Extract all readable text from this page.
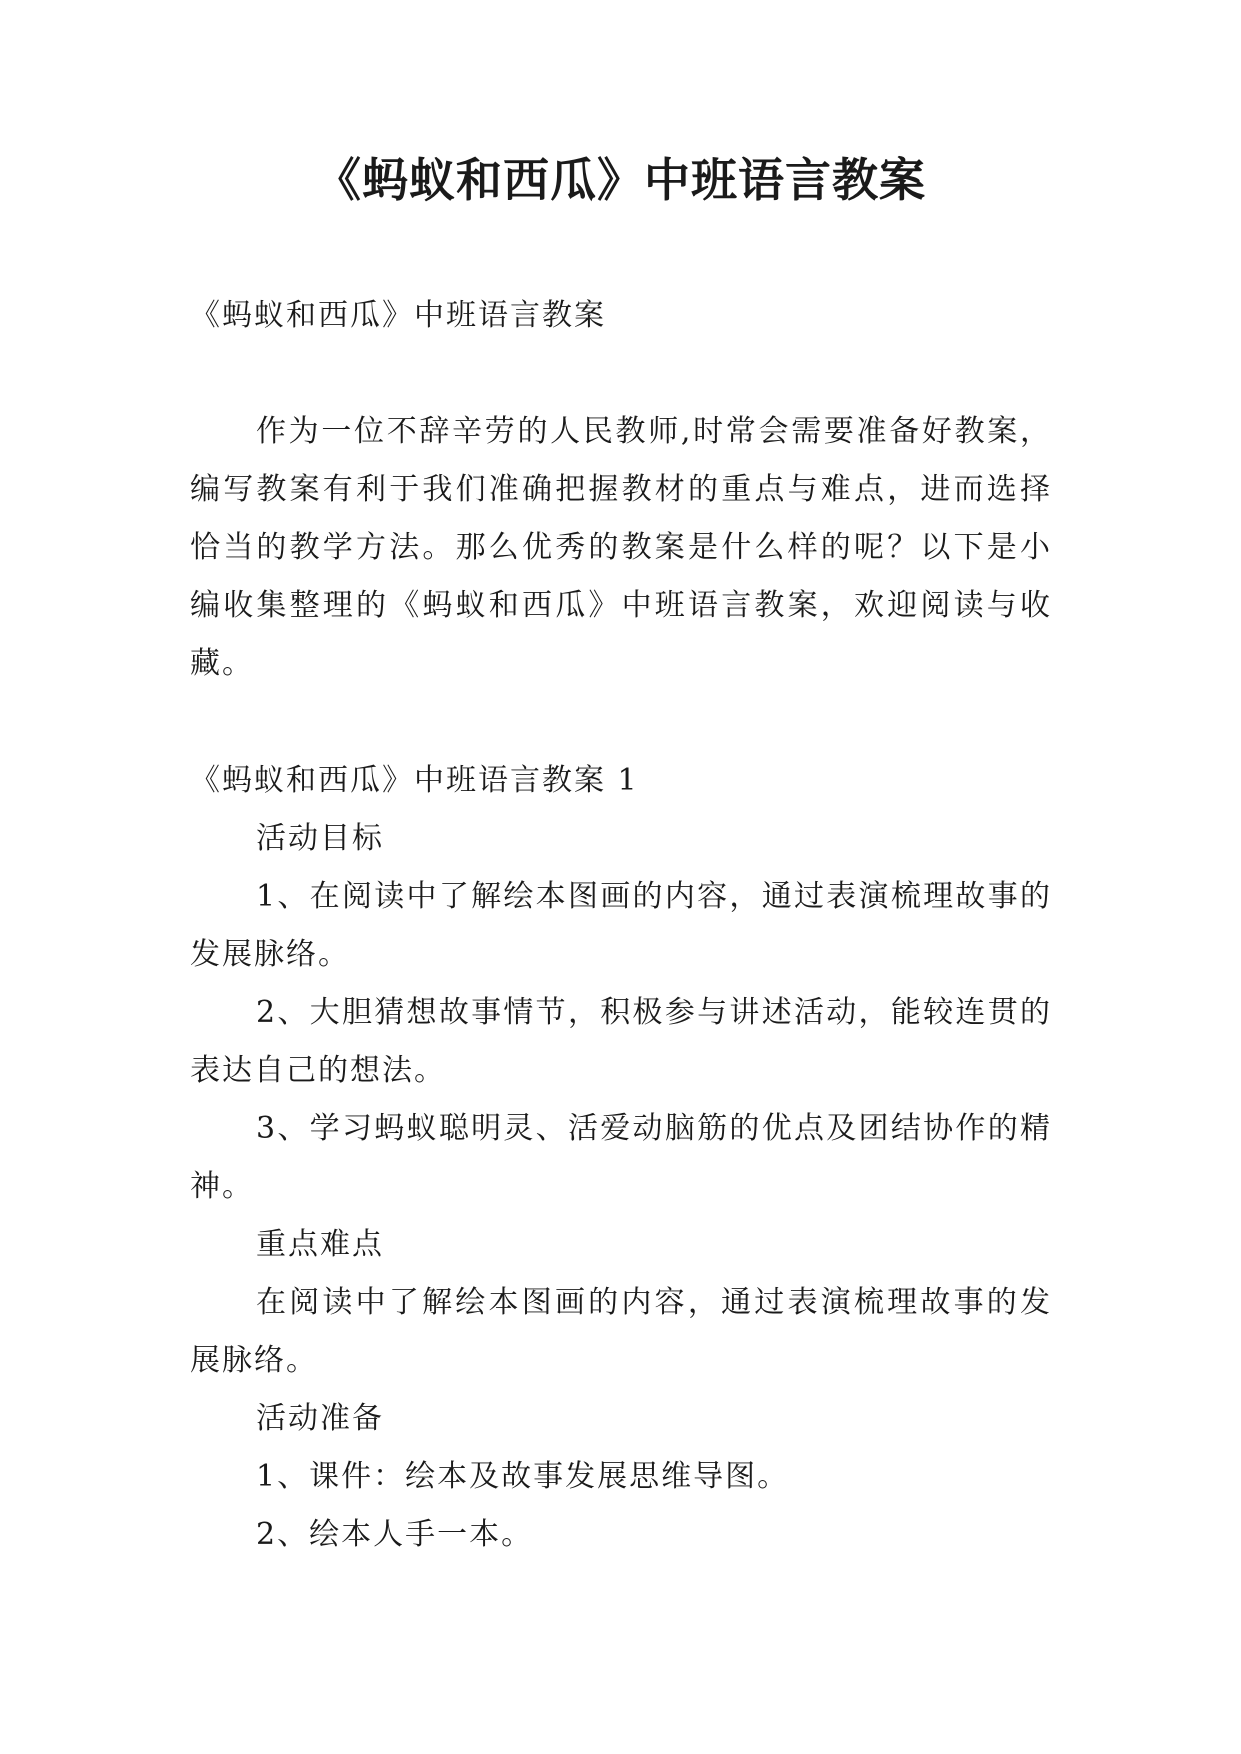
《蚂蚁和西瓜》中班语言教案

《蚂蚁和西瓜》中班语言教案

作为一位不辞辛劳的人民教师,时常会需要准备好教案，编写教案有利于我们准确把握教材的重点与难点，进而选择恰当的教学方法。那么优秀的教案是什么样的呢？以下是小编收集整理的《蚂蚁和西瓜》中班语言教案，欢迎阅读与收藏。

《蚂蚁和西瓜》中班语言教案 1

活动目标

1、在阅读中了解绘本图画的内容，通过表演梳理故事的发展脉络。

2、大胆猜想故事情节，积极参与讲述活动，能较连贯的表达自己的想法。

3、学习蚂蚁聪明灵、活爱动脑筋的优点及团结协作的精神。

重点难点

在阅读中了解绘本图画的内容，通过表演梳理故事的发展脉络。

活动准备

1、课件：绘本及故事发展思维导图。

2、绘本人手一本。
